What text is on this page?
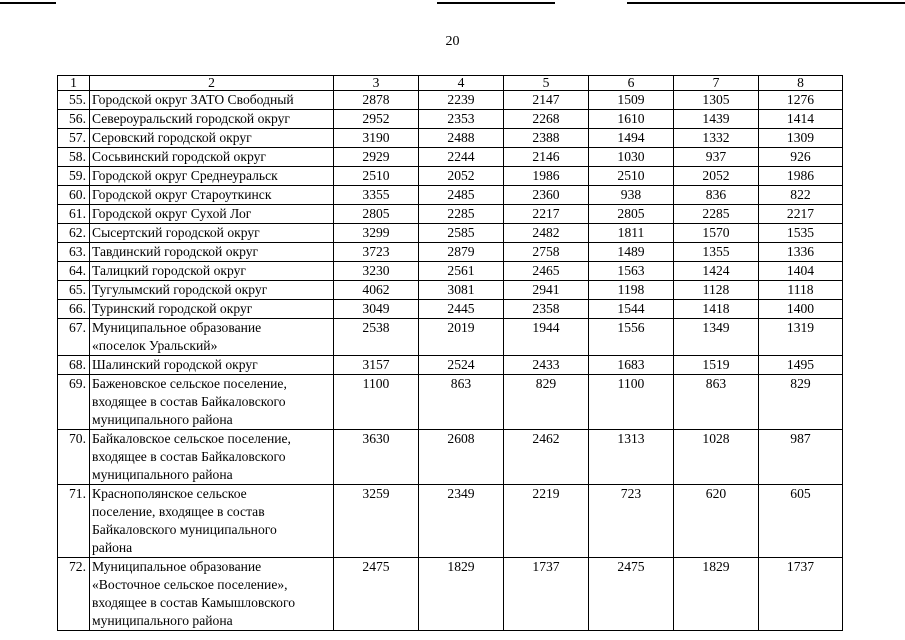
20
1	2	3	4	5	6	7	8
55.	Городской округ ЗАТО Свободный	2878	2239	2147	1509	1305	1276
56.	Североуральский городской округ	2952	2353	2268	1610	1439	1414
57.	Серовский городской округ	3190	2488	2388	1494	1332	1309
58.	Сосьвинский городской округ	2929	2244	2146	1030	937	926
59.	Городской округ Среднеуральск	2510	2052	1986	2510	2052	1986
60.	Городской округ Староуткинск	3355	2485	2360	938	836	822
61.	Городской округ Сухой Лог	2805	2285	2217	2805	2285	2217
62.	Сысертский городской округ	3299	2585	2482	1811	1570	1535
63.	Тавдинский городской округ	3723	2879	2758	1489	1355	1336
64.	Талицкий городской округ	3230	2561	2465	1563	1424	1404
65.	Тугулымский городской округ	4062	3081	2941	1198	1128	1118
66.	Туринский городской округ	3049	2445	2358	1544	1418	1400
67.	Муниципальное образование
«поселок Уральский»	2538	2019	1944	1556	1349	1319
68.	Шалинский городской округ	3157	2524	2433	1683	1519	1495
69.	Баженовское сельское поселение,
входящее в состав Байкаловского
муниципального района	1100	863	829	1100	863	829
70.	Байкаловское сельское поселение,
входящее в состав Байкаловского
муниципального района	3630	2608	2462	1313	1028	987
71.	Краснополянское сельское
поселение, входящее в состав
Байкаловского муниципального
района	3259	2349	2219	723	620	605
72.	Муниципальное образование
«Восточное сельское поселение»,
входящее в состав Камышловского
муниципального района	2475	1829	1737	2475	1829	1737
